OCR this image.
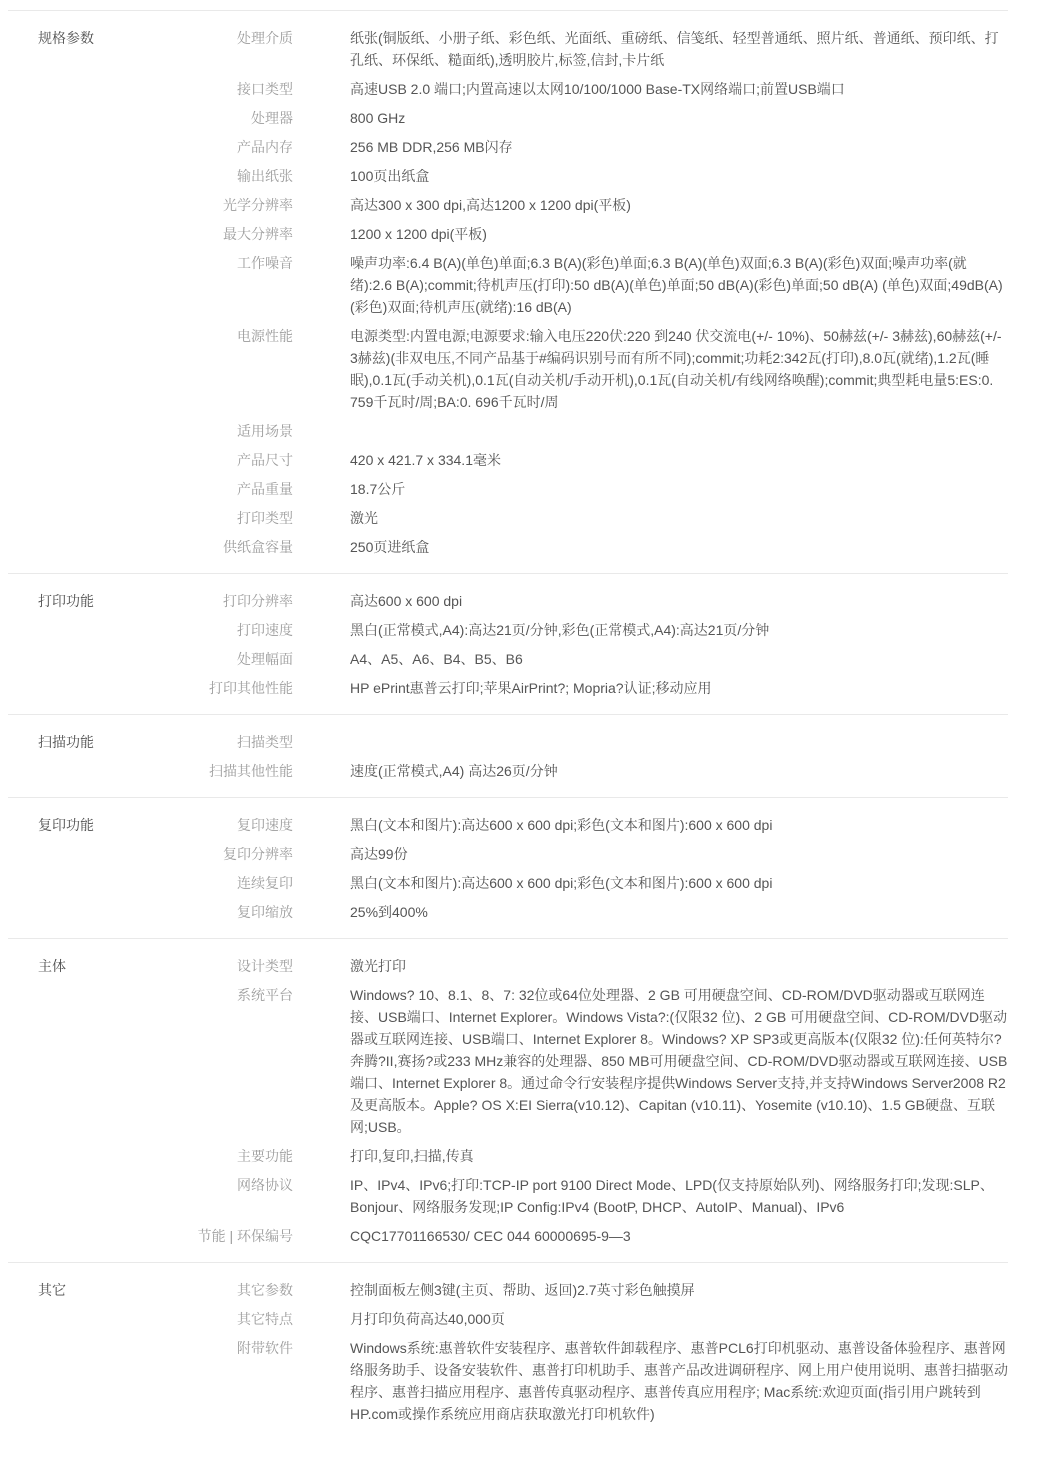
规格参数	处理介质	纸张(铜版纸、小册子纸、彩色纸、光面纸、重磅纸、信笺纸、轻型普通纸、照片纸、普通纸、预印纸、打孔纸、环保纸、糙面纸),透明胶片,标签,信封,卡片纸
接口类型	高速USB 2.0 端口;内置高速以太网10/100/1000 Base-TX网络端口;前置USB端口
处理器	800 GHz
产品内存	256 MB DDR,256 MB闪存
输出纸张	100页出纸盒
光学分辨率	高达300 x 300 dpi,高达1200 x 1200 dpi(平板)
最大分辨率	1200 x 1200 dpi(平板)
工作噪音	噪声功率:6.4 B(A)(单色)单面;6.3 B(A)(彩色)单面;6.3 B(A)(单色)双面;6.3 B(A)(彩色)双面;噪声功率(就绪):2.6 B(A);commit;待机声压(打印):50 dB(A)(单色)单面;50 dB(A)(彩色)单面;50 dB(A) (单色)双面;49dB(A)(彩色)双面;待机声压(就绪):16 dB(A)
电源性能	电源类型:内置电源;电源要求:输入电压220伏:220 到240 伏交流电(+/- 10%)、50赫兹(+/- 3赫兹),60赫兹(+/- 3赫兹)(非双电压,不同产品基于#编码识别号而有所不同);commit;功耗2:342瓦(打印),8.0瓦(就绪),1.2瓦(睡眠),0.1瓦(手动关机),0.1瓦(自动关机/手动开机),0.1瓦(自动关机/有线网络唤醒);commit;典型耗电量5:ES:0. 759千瓦时/周;BA:0. 696千瓦时/周
适用场景
产品尺寸	420 x 421.7 x 334.1毫米
产品重量	18.7公斤
打印类型	激光
供纸盒容量	250页进纸盒
打印功能	打印分辨率	高达600 x 600 dpi
打印速度	黑白(正常模式,A4):高达21页/分钟,彩色(正常模式,A4):高达21页/分钟
处理幅面	A4、A5、A6、B4、B5、B6
打印其他性能	HP ePrint惠普云打印;苹果AirPrint?; Mopria?认证;移动应用
扫描功能	扫描类型
扫描其他性能	速度(正常模式,A4) 高达26页/分钟
复印功能	复印速度	黑白(文本和图片):高达600 x 600 dpi;彩色(文本和图片):600 x 600 dpi
复印分辨率	高达99份
连续复印	黑白(文本和图片):高达600 x 600 dpi;彩色(文本和图片):600 x 600 dpi
复印缩放	25%到400%
主体	设计类型	激光打印
系统平台	Windows? 10、8.1、8、7: 32位或64位处理器、2 GB 可用硬盘空间、CD-ROM/DVD驱动器或互联网连接、USB端口、Internet Explorer。Windows Vista?:(仅限32 位)、2 GB 可用硬盘空间、CD-ROM/DVD驱动器或互联网连接、USB端口、Internet Explorer 8。Windows? XP SP3或更高版本(仅限32 位):任何英特尔?奔腾?II,赛扬?或233 MHz兼容的处理器、850 MB可用硬盘空间、CD-ROM/DVD驱动器或互联网连接、USB端口、Internet Explorer 8。通过命令行安装程序提供Windows Server支持,并支持Windows Server2008 R2及更高版本。Apple? OS X:EI Sierra(v10.12)、Capitan (v10.11)、Yosemite (v10.10)、1.5 GB硬盘、互联网;USB。
主要功能	打印,复印,扫描,传真
网络协议	IP、IPv4、IPv6;打印:TCP-IP port 9100 Direct Mode、LPD(仅支持原始队列)、网络服务打印;发现:SLP、Bonjour、网络服务发现;IP Config:IPv4 (BootP, DHCP、AutoIP、Manual)、IPv6
节能 | 环保编号	CQC17701166530/ CEC 044 60000695-9—3
其它	其它参数	控制面板左侧3键(主页、帮助、返回)2.7英寸彩色触摸屏
其它特点	月打印负荷高达40,000页
附带软件	Windows系统:惠普软件安装程序、惠普软件卸载程序、惠普PCL6打印机驱动、惠普设备体验程序、惠普网络服务助手、设备安装软件、惠普打印机助手、惠普产品改进调研程序、网上用户使用说明、惠普扫描驱动程序、惠普扫描应用程序、惠普传真驱动程序、惠普传真应用程序; Mac系统:欢迎页面(指引用户跳转到HP.com或操作系统应用商店获取激光打印机软件)
